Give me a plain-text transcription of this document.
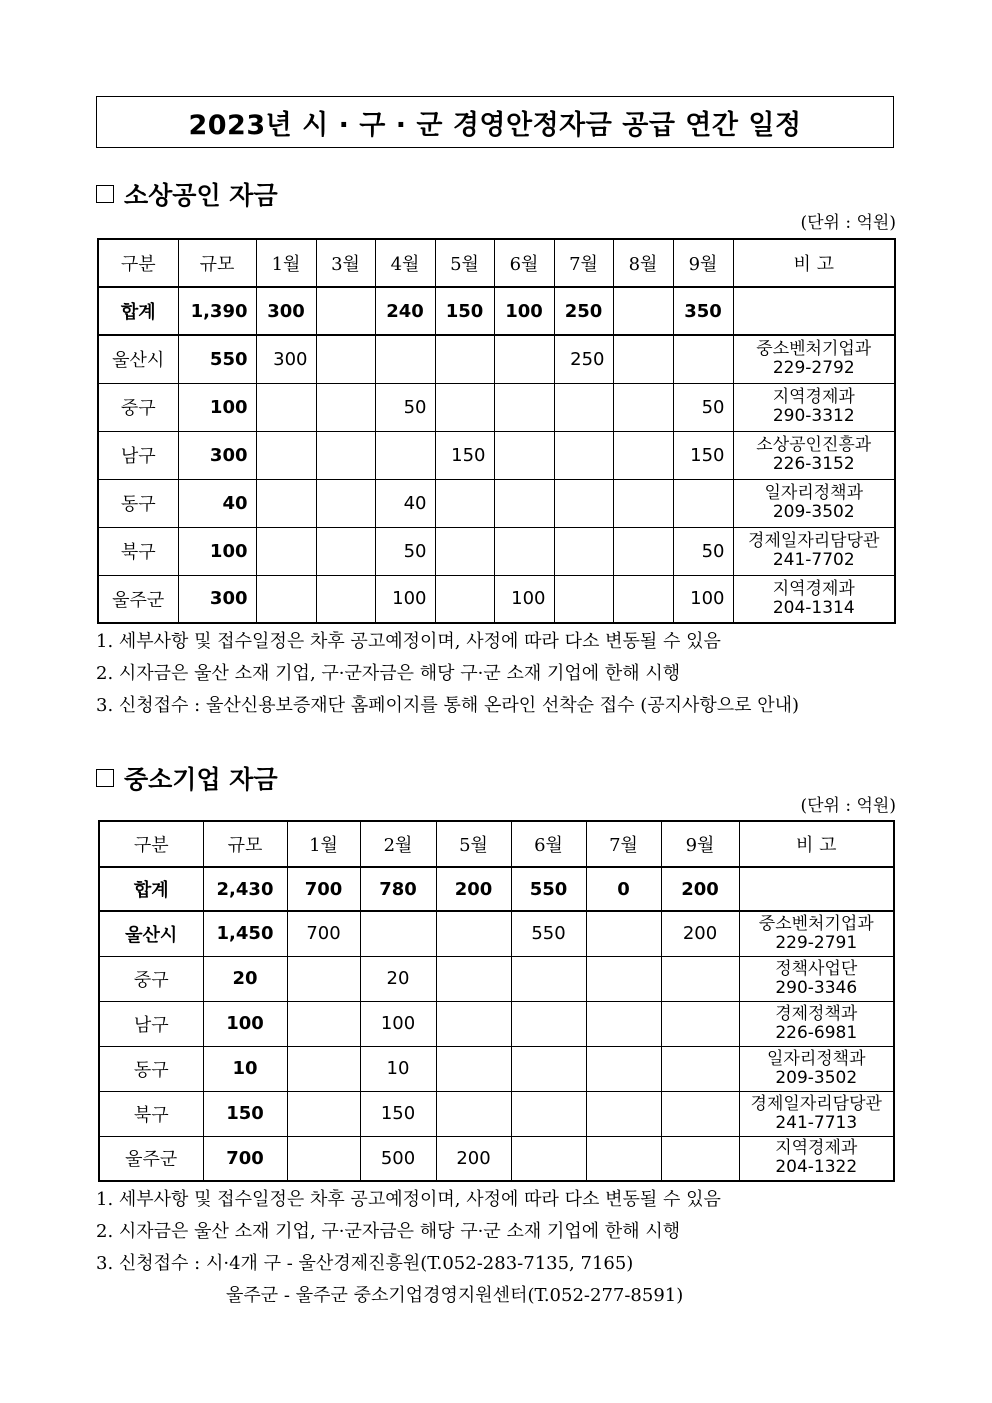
2023년 시 · 구 · 군 경영안정자금 공급 연간 일정
소상공인 자금
(단위 : 억원)
구분	규모	1월	3월	4월	5월	6월	7월	8월	9월	비 고
합계	1,390	300		240	150	100	250		350	
울산시	550	300					250			중소벤처기업과
229-2792

중구	100			50					50	지역경제과
290-3312

남구	300				150				150	소상공인진흥과
226-3152

동구	40			40						일자리정책과
209-3502

북구	100			50					50	경제일자리담당관
241-7702

울주군	300			100		100			100	지역경제과
204-1314
1. 세부사항 및 접수일정은 차후 공고예정이며, 사정에 따라 다소 변동될 수 있음
2. 시자금은 울산 소재 기업, 구·군자금은 해당 구·군 소재 기업에 한해 시행
3. 신청접수 : 울산신용보증재단 홈페이지를 통해 온라인 선착순 접수 (공지사항으로 안내)
중소기업 자금
(단위 : 억원)
구분	규모	1월	2월	5월	6월	7월	9월	비 고
합계	2,430	700	780	200	550	0	200	
울산시	1,450	700			550		200	중소벤처기업과
229-2791

중구	20		20					정책사업단
290-3346

남구	100		100					경제정책과
226-6981

동구	10		10					일자리정책과
209-3502

북구	150		150					경제일자리담당관
241-7713

울주군	700		500	200				지역경제과
204-1322
1. 세부사항 및 접수일정은 차후 공고예정이며, 사정에 따라 다소 변동될 수 있음
2. 시자금은 울산 소재 기업, 구·군자금은 해당 구·군 소재 기업에 한해 시행
3. 신청접수 : 시·4개 구 - 울산경제진흥원(T.052-283-7135, 7165)
울주군 - 울주군 중소기업경영지원센터(T.052-277-8591)
